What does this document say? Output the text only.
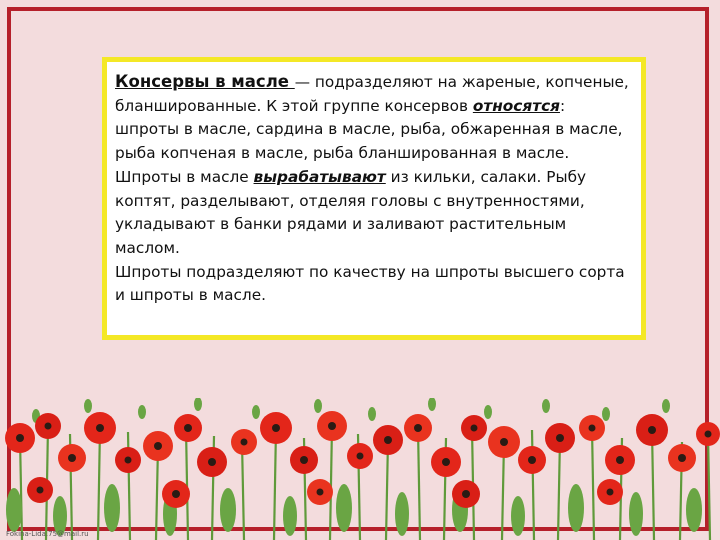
Консервы в масле — подразделяют на жареные, копченые, бланшированные. К этой группе консервов относятся: шпроты в масле, сардина в масле, рыба, обжаренная в масле, рыба копченая в масле, рыба бланшированная в масле.

Шпроты в масле вырабатывают из кильки, салаки. Рыбу коптят, разделывают, отделяя головы с внутренностями, укладывают в банки рядами и заливают растительным маслом.

Шпроты подразделяют по качеству на шпроты высшего сорта и шпроты в масле.

Fokina-Lida.75@mail.ru
